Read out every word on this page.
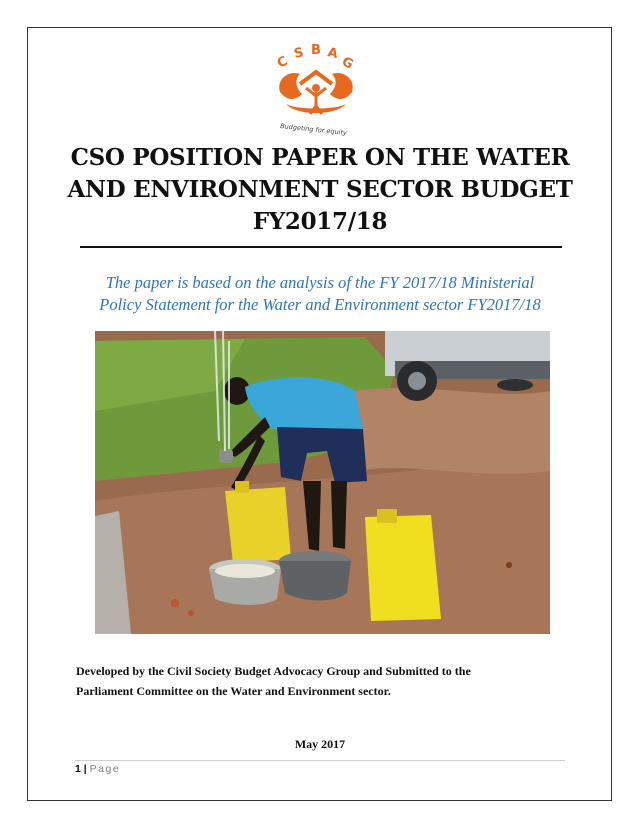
C
S B A
G
Budgeting for equity
CSO POSITION PAPER ON THE WATER
AND ENVIRONMENT SECTOR BUDGET
FY2017/18
The paper is based on the analysis of the FY 2017/18 Ministerial
Policy Statement for the Water and Environment sector FY2017/18
Developed by the Civil Society Budget Advocacy Group and Submitted to the
Parliament Committee on the Water and Environment sector.
May 2017
1 | Page
